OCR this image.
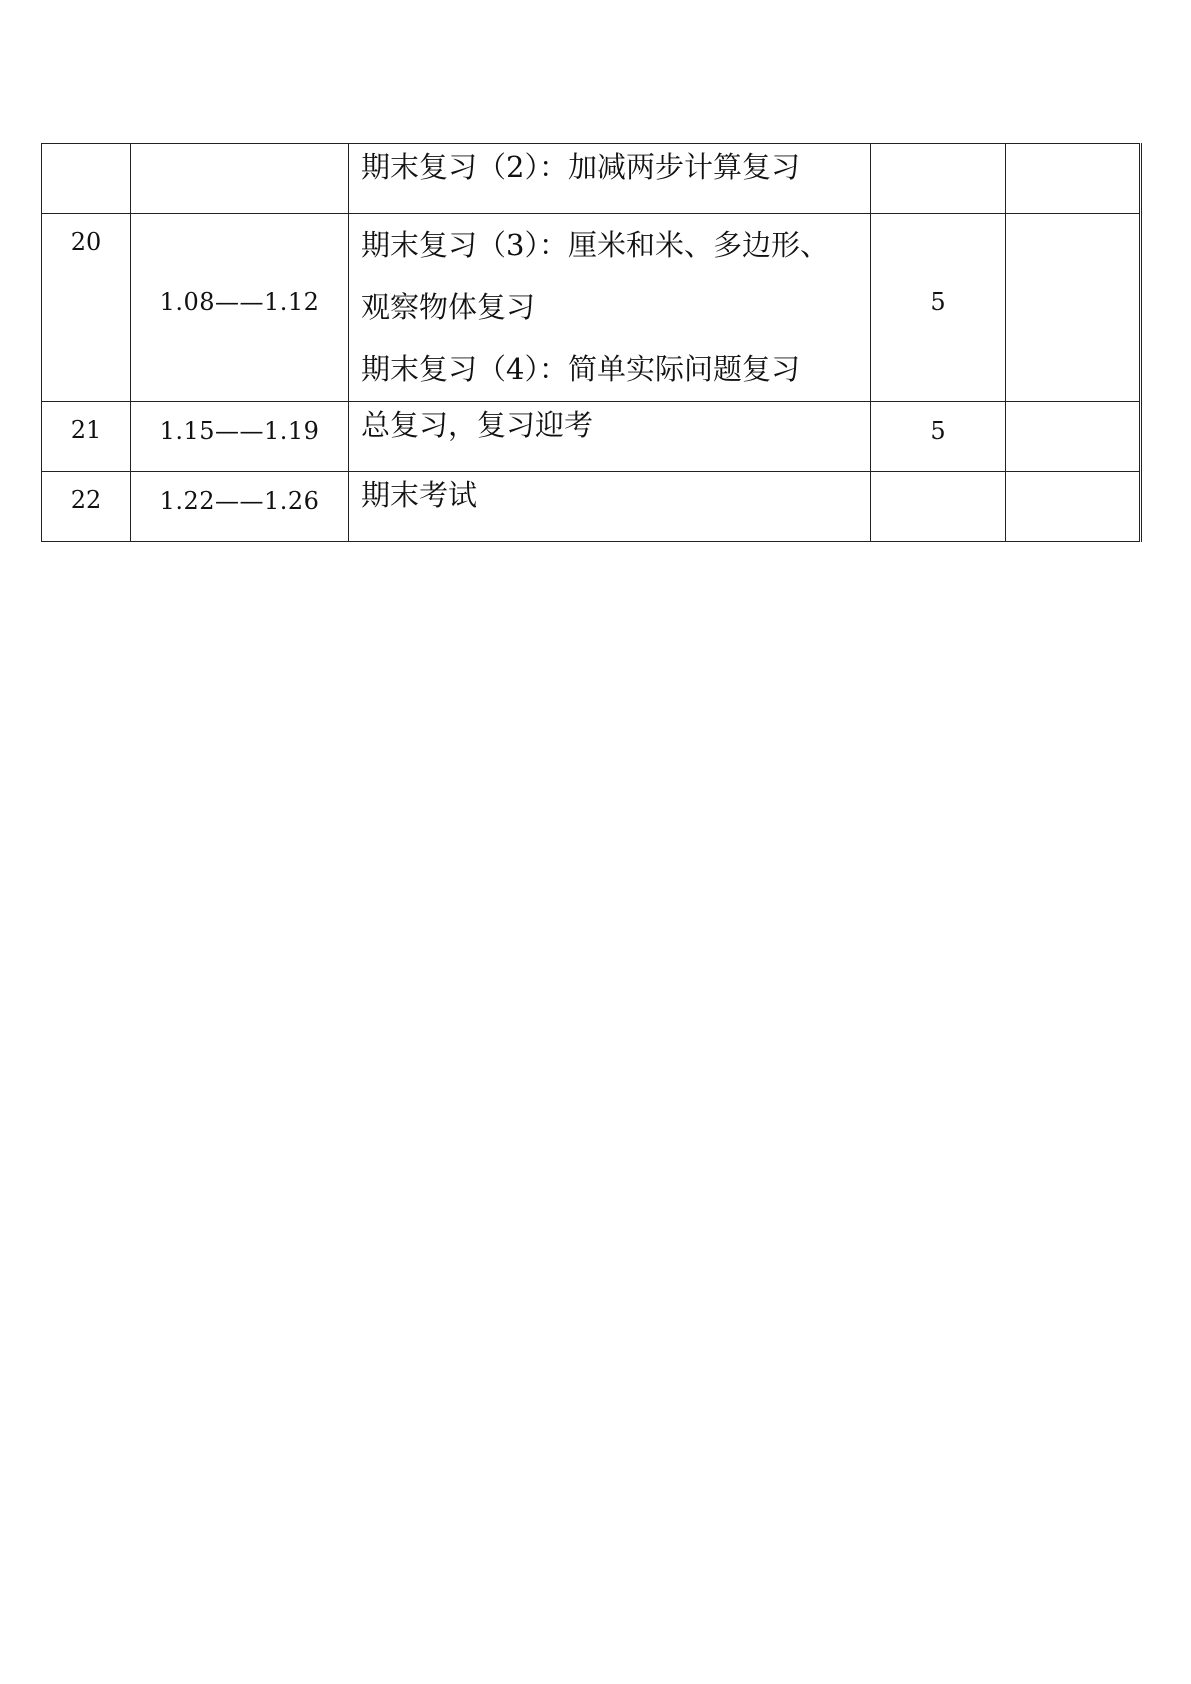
		期末复习（2）：加减两步计算复习		

20	1.08——1.12	期末复习（3）：厘米和米、多边形、
观察物体复习
期末复习（4）：简单实际问题复习	5	

21	1.15——1.19	总复习，复习迎考	5	

22	1.22——1.26	期末考试		
